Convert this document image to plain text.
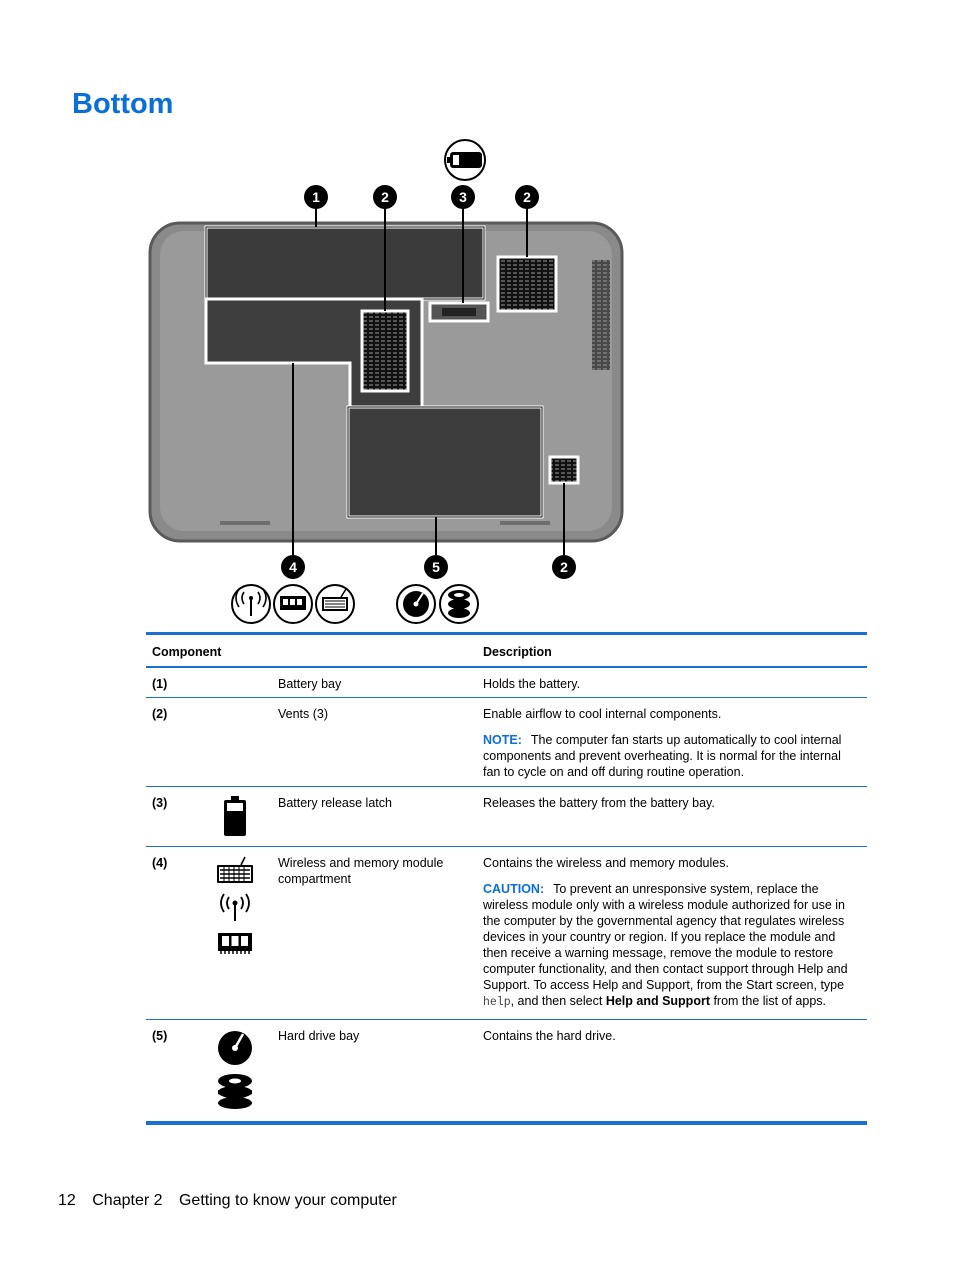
Bottom
1	2	3	2
4	5	2
Component			Description

(1)		Battery bay	Holds the battery.

(2)		Vents (3)	Enable airflow to cool internal components.

NOTE: The computer fan starts up automatically to cool internal components and prevent overheating. It is normal for the internal fan to cycle on and off during routine operation.

(3)		Battery release latch	Releases the battery from the battery bay.

(4)		Wireless and memory module compartment	Contains the wireless and memory modules.

CAUTION: To prevent an unresponsive system, replace the wireless module only with a wireless module authorized for use in the computer by the governmental agency that regulates wireless devices in your country or region. If you replace the module and then receive a warning message, remove the module to restore computer functionality, and then contact support through Help and Support. To access Help and Support, from the Start screen, type help, and then select Help and Support from the list of apps.

(5)		Hard drive bay	Contains the hard drive.
12 Chapter 2 Getting to know your computer
